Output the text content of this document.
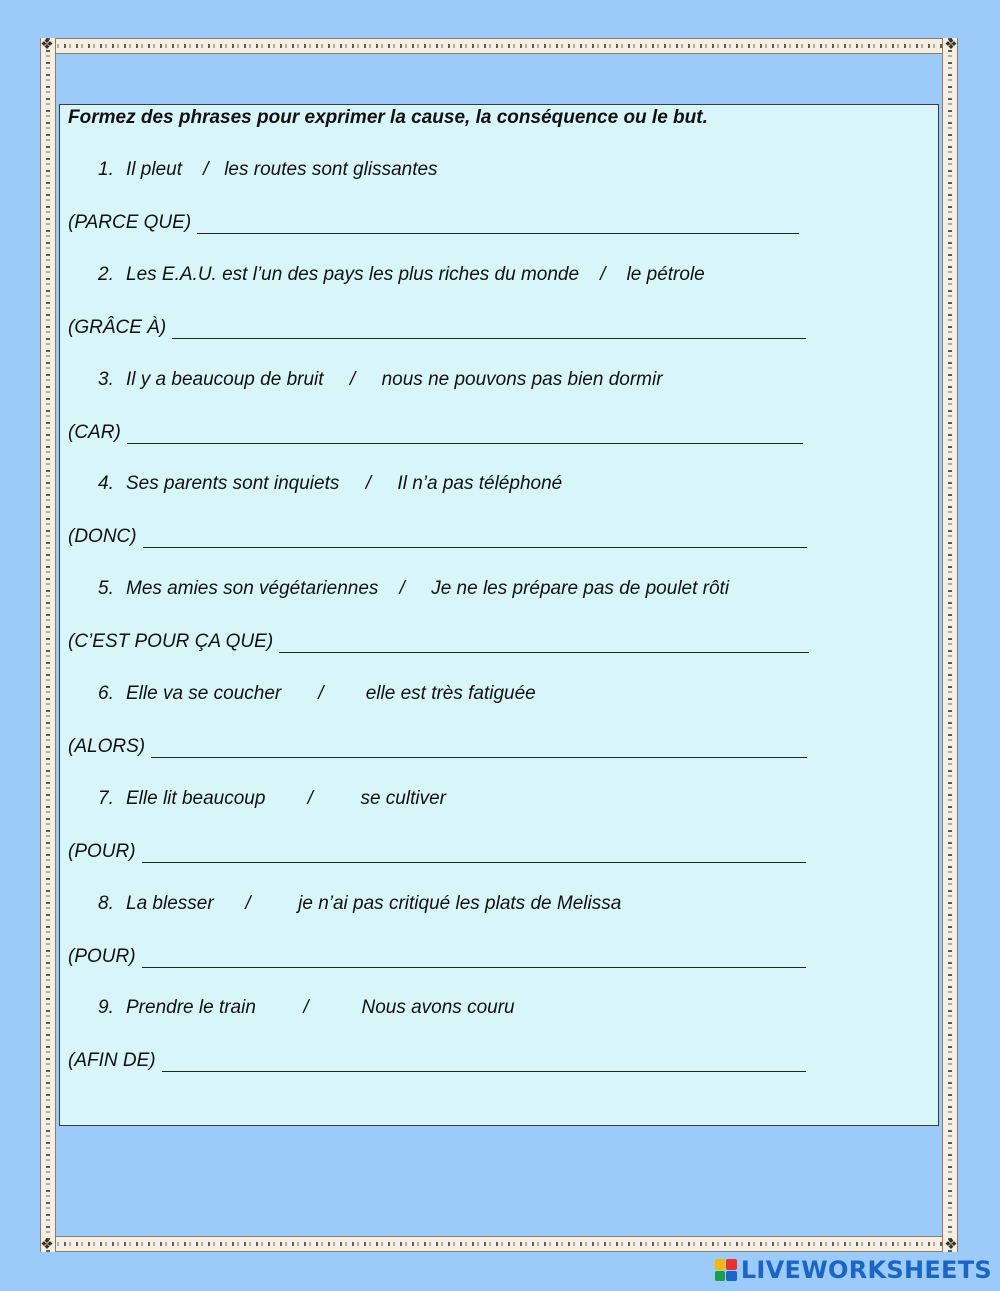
❖	❖
❖	❖
Formez des phrases pour exprimer la cause, la conséquence ou le but.
1. Il pleut    /   les routes sont glissantes
(PARCE QUE)
2. Les E.A.U. est l’un des pays les plus riches du monde    /    le pétrole
(GRÂCE À)
3. Il y a beaucoup de bruit     /     nous ne pouvons pas bien dormir
(CAR)
4. Ses parents sont inquiets     /     Il n’a pas téléphoné
(DONC)
5. Mes amies son végétariennes    /     Je ne les prépare pas de poulet rôti
(C’EST POUR ÇA QUE)
6. Elle va se coucher       /        elle est très fatiguée
(ALORS)
7. Elle lit beaucoup        /         se cultiver
(POUR)
8. La blesser      /         je n’ai pas critiqué les plats de Melissa
(POUR)
9. Prendre le train         /          Nous avons couru
(AFIN DE)
LIVEWORKSHEETS
